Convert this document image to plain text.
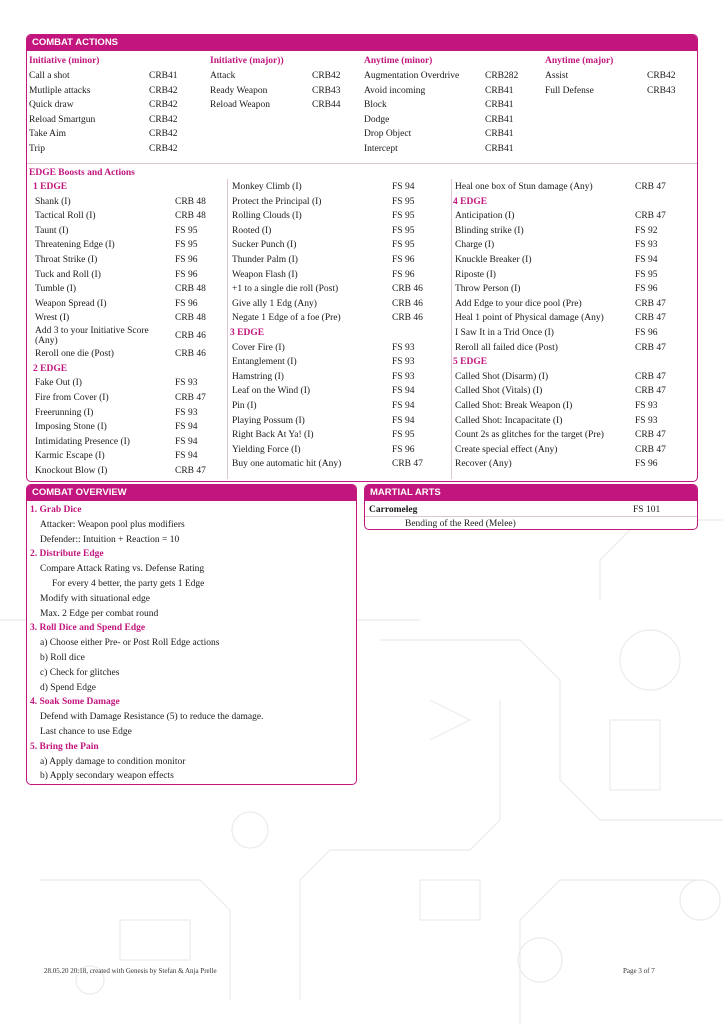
COMBAT ACTIONS
Initiative (minor)
Call a shot	CRB41
Mutliple attacks	CRB42
Quick draw	CRB42
Reload Smartgun	CRB42
Take Aim	CRB42
Trip	CRB42
Initiative (major))
Attack	CRB42
Ready Weapon	CRB43
Reload Weapon	CRB44
Anytime (minor)
Augmentation Overdrive	CRB282
Avoid incoming	CRB41
Block	CRB41
Dodge	CRB41
Drop Object	CRB41
Intercept	CRB41
Anytime (major)
Assist	CRB42
Full Defense	CRB43
EDGE Boosts and Actions
1 EDGE
Shank (I)	CRB 48
Tactical Roll (I)	CRB 48
Taunt (I)	FS 95
Threatening Edge (I)	FS 95
Throat Strike (I)	FS 96
Tuck and Roll (I)	FS 96
Tumble (I)	CRB 48
Weapon Spread (I)	FS 96
Wrest (I)	CRB 48
Add 3 to your Initiative Score
(Any)	CRB 46
Reroll one die (Post)	CRB 46
2 EDGE
Fake Out (I)	FS 93
Fire from Cover (I)	CRB 47
Freerunning (I)	FS 93
Imposing Stone (I)	FS 94
Intimidating Presence (I)	FS 94
Karmic Escape (I)	FS 94
Knockout Blow (I)	CRB 47
Monkey Climb (I)	FS 94
Protect the Principal (I)	FS 95
Rolling Clouds (I)	FS 95
Rooted (I)	FS 95
Sucker Punch (I)	FS 95
Thunder Palm (I)	FS 96
Weapon Flash (I)	FS 96
+1 to a single die roll (Post)	CRB 46
Give ally 1 Edg (Any)	CRB 46
Negate 1 Edge of a foe (Pre)	CRB 46
3 EDGE
Cover Fire (I)	FS 93
Entanglement (I)	FS 93
Hamstring (I)	FS 93
Leaf on the Wind (I)	FS 94
Pin (I)	FS 94
Playing Possum (I)	FS 94
Right Back At Ya! (I)	FS 95
Yielding Force (I)	FS 96
Buy one automatic hit (Any)	CRB 47
Heal one box of Stun damage (Any)	CRB 47
4 EDGE
Anticipation (I)	CRB 47
Blinding strike (I)	FS 92
Charge (I)	FS 93
Knuckle Breaker (I)	FS 94
Riposte (I)	FS 95
Throw Person (I)	FS 96
Add Edge to your dice pool (Pre)	CRB 47
Heal 1 point of Physical damage (Any)	CRB 47
I Saw It in a Trid Once (I)	FS 96
Reroll all failed dice (Post)	CRB 47
5 EDGE
Called Shot (Disarm) (I)	CRB 47
Called Shot (Vitals) (I)	CRB 47
Called Shot: Break Weapon (I)	FS 93
Called Shot: Incapacitate (I)	FS 93
Count 2s as glitches for the target (Pre)	CRB 47
Create special effect (Any)	CRB 47
Recover (Any)	FS 96
COMBAT OVERVIEW
1. Grab Dice
Attacker: Weapon pool plus modifiers
Defender:: Intuition + Reaction = 10
2. Distribute Edge
Compare Attack Rating vs. Defense Rating
For every 4 better, the party gets 1 Edge
Modify with situational edge
Max. 2 Edge per combat round
3. Roll Dice and Spend Edge
a) Choose either Pre- or Post Roll Edge actions
b) Roll dice
c) Check for glitches
d) Spend Edge
4. Soak Some Damage
Defend with Damage Resistance (5) to reduce the damage.
Last chance to use Edge
5. Bring the Pain
a) Apply damage to condition monitor
b) Apply secondary weapon effects
MARTIAL ARTS
Carromeleg	FS 101
Bending of the Reed (Melee)
28.05.20 20:18, created with Genesis by Stefan & Anja Prelle	Page 3 of 7
